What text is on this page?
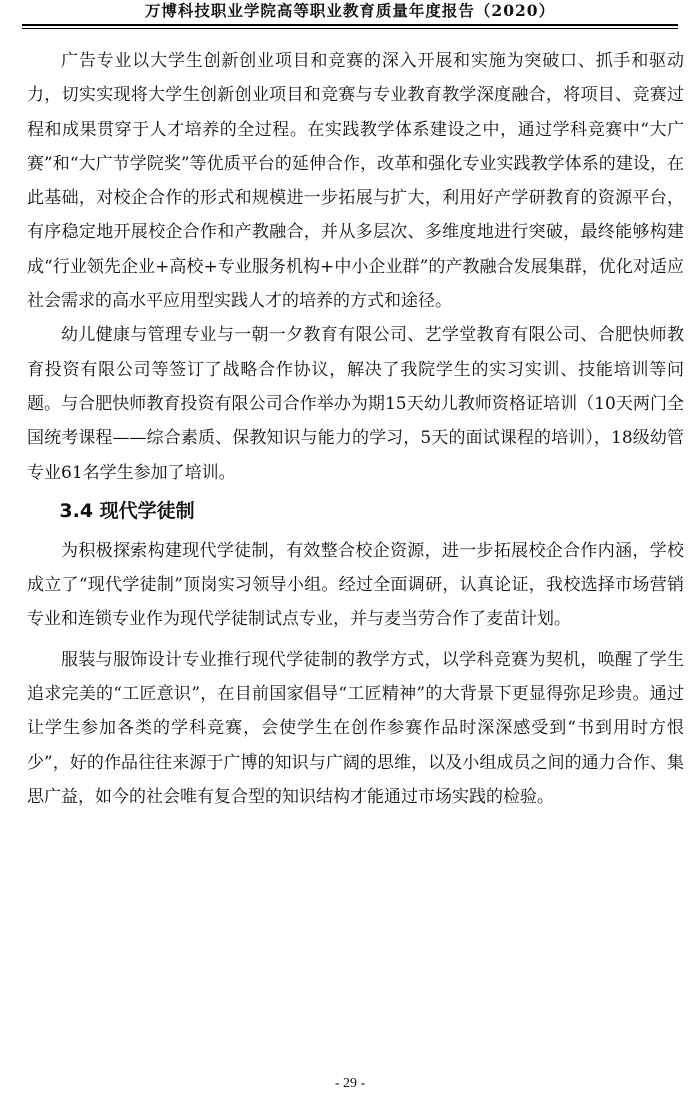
万博科技职业学院高等职业教育质量年度报告（2020）

广告专业以大学生创新创业项目和竞赛的深入开展和实施为突破口、抓手和驱动力，切实实现将大学生创新创业项目和竞赛与专业教育教学深度融合，将项目、竞赛过程和成果贯穿于人才培养的全过程。在实践教学体系建设之中，通过学科竞赛中“大广赛”和“大广节学院奖”等优质平台的延伸合作，改革和强化专业实践教学体系的建设，在此基础，对校企合作的形式和规模进一步拓展与扩大，利用好产学研教育的资源平台，有序稳定地开展校企合作和产教融合，并从多层次、多维度地进行突破，最终能够构建成“行业领先企业+高校+专业服务机构+中小企业群”的产教融合发展集群，优化对适应社会需求的高水平应用型实践人才的培养的方式和途径。

幼儿健康与管理专业与一朝一夕教育有限公司、艺学堂教育有限公司、合肥快师教育投资有限公司等签订了战略合作协议，解决了我院学生的实习实训、技能培训等问题。与合肥快师教育投资有限公司合作举办为期15天幼儿教师资格证培训（10天两门全国统考课程——综合素质、保教知识与能力的学习，5天的面试课程的培训），18级幼管专业61名学生参加了培训。

3.4 现代学徒制

为积极探索构建现代学徒制，有效整合校企资源，进一步拓展校企合作内涵，学校成立了“现代学徒制”顶岗实习领导小组。经过全面调研，认真论证，我校选择市场营销专业和连锁专业作为现代学徒制试点专业，并与麦当劳合作了麦苗计划。

服装与服饰设计专业推行现代学徒制的教学方式，以学科竞赛为契机，唤醒了学生追求完美的“工匠意识”，在目前国家倡导“工匠精神”的大背景下更显得弥足珍贵。通过让学生参加各类的学科竞赛，会使学生在创作参赛作品时深深感受到“书到用时方恨少”，好的作品往往来源于广博的知识与广阔的思维，以及小组成员之间的通力合作、集思广益，如今的社会唯有复合型的知识结构才能通过市场实践的检验。

- 29 -
